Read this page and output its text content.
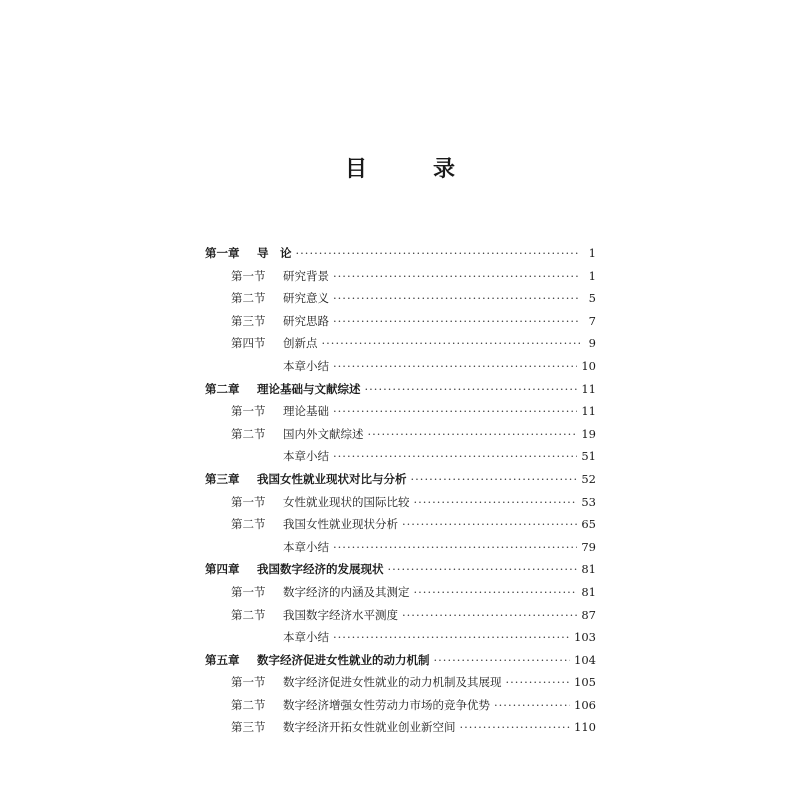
目　录
第一章	导　论 ·····	1
第一节	研究背景 ·····	1
第二节	研究意义 ·····	5
第三节	研究思路 ·····	7
第四节	创新点 ·····	9
本章小结 ·····	10
第二章	理论基础与文献综述 ·····	11
第一节	理论基础 ·····	11
第二节	国内外文献综述 ·····	19
本章小结 ·····	51
第三章	我国女性就业现状对比与分析 ·····	52
第一节	女性就业现状的国际比较 ·····	53
第二节	我国女性就业现状分析 ·····	65
本章小结 ·····	79
第四章	我国数字经济的发展现状 ·····	81
第一节	数字经济的内涵及其测定 ·····	81
第二节	我国数字经济水平测度 ·····	87
本章小结 ·····	103
第五章	数字经济促进女性就业的动力机制 ·····	104
第一节	数字经济促进女性就业的动力机制及其展现 ·····	105
第二节	数字经济增强女性劳动力市场的竞争优势 ·····	106
第三节	数字经济开拓女性就业创业新空间 ·····	110
